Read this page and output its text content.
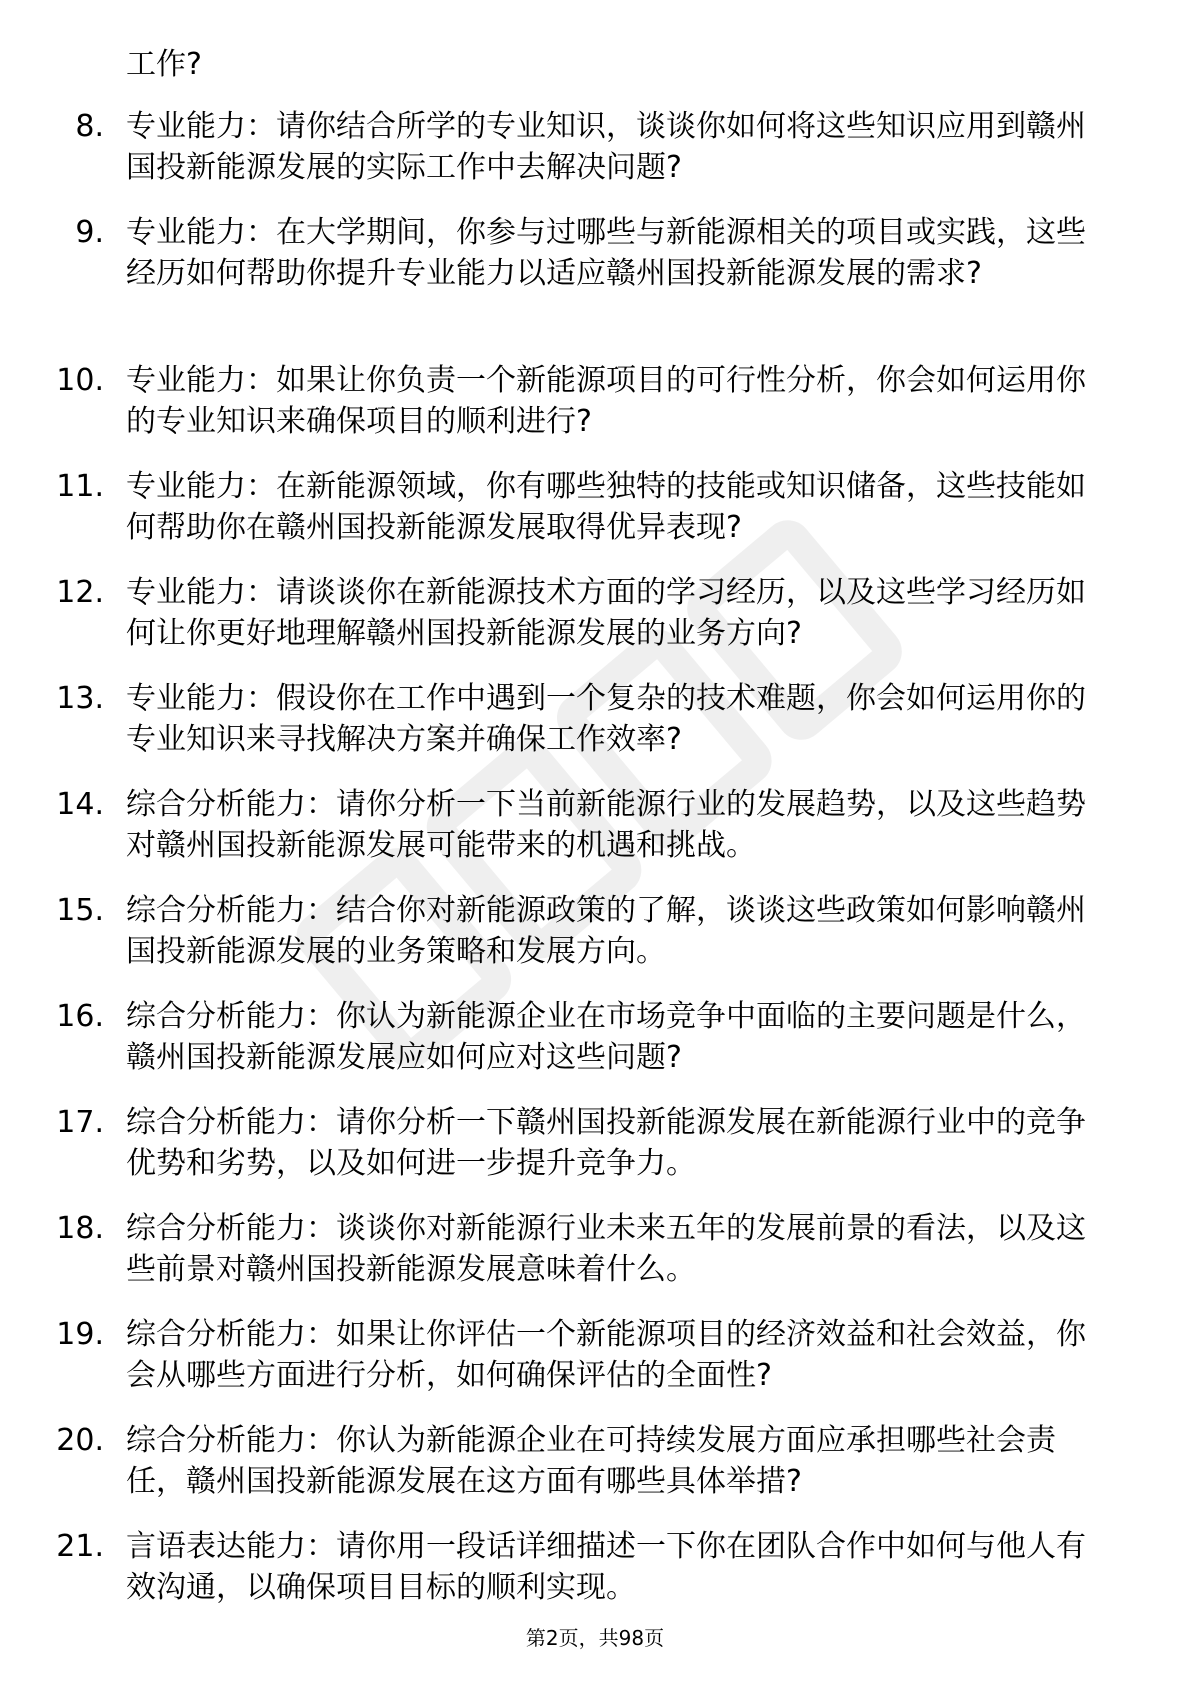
工作?
8. 专业能力：请你结合所学的专业知识，谈谈你如何将这些知识应用到赣州国投新能源发展的实际工作中去解决问题?
9. 专业能力：在大学期间，你参与过哪些与新能源相关的项目或实践，这些经历如何帮助你提升专业能力以适应赣州国投新能源发展的需求?
10. 专业能力：如果让你负责一个新能源项目的可行性分析，你会如何运用你的专业知识来确保项目的顺利进行?
11. 专业能力：在新能源领域，你有哪些独特的技能或知识储备，这些技能如何帮助你在赣州国投新能源发展取得优异表现?
12. 专业能力：请谈谈你在新能源技术方面的学习经历，以及这些学习经历如何让你更好地理解赣州国投新能源发展的业务方向?
13. 专业能力：假设你在工作中遇到一个复杂的技术难题，你会如何运用你的专业知识来寻找解决方案并确保工作效率?
14. 综合分析能力：请你分析一下当前新能源行业的发展趋势，以及这些趋势对赣州国投新能源发展可能带来的机遇和挑战。
15. 综合分析能力：结合你对新能源政策的了解，谈谈这些政策如何影响赣州国投新能源发展的业务策略和发展方向。
16. 综合分析能力：你认为新能源企业在市场竞争中面临的主要问题是什么，赣州国投新能源发展应如何应对这些问题?
17. 综合分析能力：请你分析一下赣州国投新能源发展在新能源行业中的竞争优势和劣势，以及如何进一步提升竞争力。
18. 综合分析能力：谈谈你对新能源行业未来五年的发展前景的看法，以及这些前景对赣州国投新能源发展意味着什么。
19. 综合分析能力：如果让你评估一个新能源项目的经济效益和社会效益，你会从哪些方面进行分析，如何确保评估的全面性?
20. 综合分析能力：你认为新能源企业在可持续发展方面应承担哪些社会责任，赣州国投新能源发展在这方面有哪些具体举措?
21. 言语表达能力：请你用一段话详细描述一下你在团队合作中如何与他人有效沟通，以确保项目目标的顺利实现。
第2页，共98页
